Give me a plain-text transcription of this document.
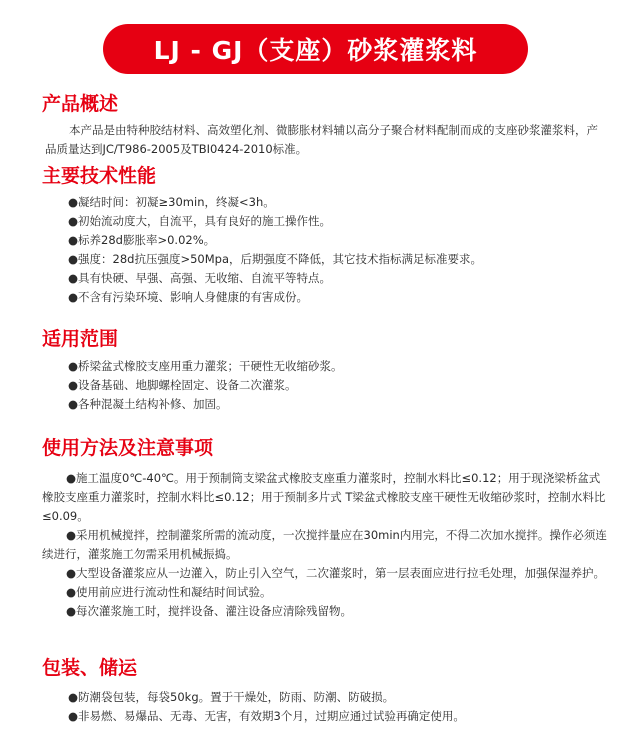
LJ - GJ（支座）砂浆灌浆料
产品概述

本产品是由特种胶结材料、高效塑化剂、微膨胀材料辅以高分子聚合材料配制而成的支座砂浆灌浆料，产品质量达到JC/T986-2005及TBI0424-2010标准。

主要技术性能
●凝结时间：初凝≥30min，终凝<3h。
●初始流动度大，自流平，具有良好的施工操作性。
●标养28d膨胀率>0.02%。
●强度：28d抗压强度>50Mpa，后期强度不降低，其它技术指标满足标准要求。
●具有快硬、早强、高强、无收缩、自流平等特点。
●不含有污染环境、影响人身健康的有害成份。
适用范围
●桥梁盆式橡胶支座用重力灌浆；干硬性无收缩砂浆。
●设备基础、地脚螺栓固定、设备二次灌浆。
●各种混凝土结构补修、加固。
使用方法及注意事项
●施工温度0℃-40℃。用于预制筒支梁盆式橡胶支座重力灌浆时，控制水料比≤0.12；用于现浇梁桥盆式橡胶支座重力灌浆时，控制水料比≤0.12；用于预制多片式 T梁盆式橡胶支座干硬性无收缩砂浆时，控制水料比≤0.09。
●采用机械搅拌，控制灌浆所需的流动度，一次搅拌量应在30min内用完，不得二次加水搅拌。操作必须连续进行，灌浆施工勿需采用机械振捣。
●大型设备灌浆应从一边灌入，防止引入空气，二次灌浆时，第一层表面应进行拉毛处理，加强保湿养护。
●使用前应进行流动性和凝结时间试验。
●每次灌浆施工时，搅拌设备、灌注设备应清除残留物。
包装、储运
●防潮袋包装，每袋50kg。置于干燥处，防雨、防潮、防破损。
●非易燃、易爆品、无毒、无害，有效期3个月，过期应通过试验再确定使用。
